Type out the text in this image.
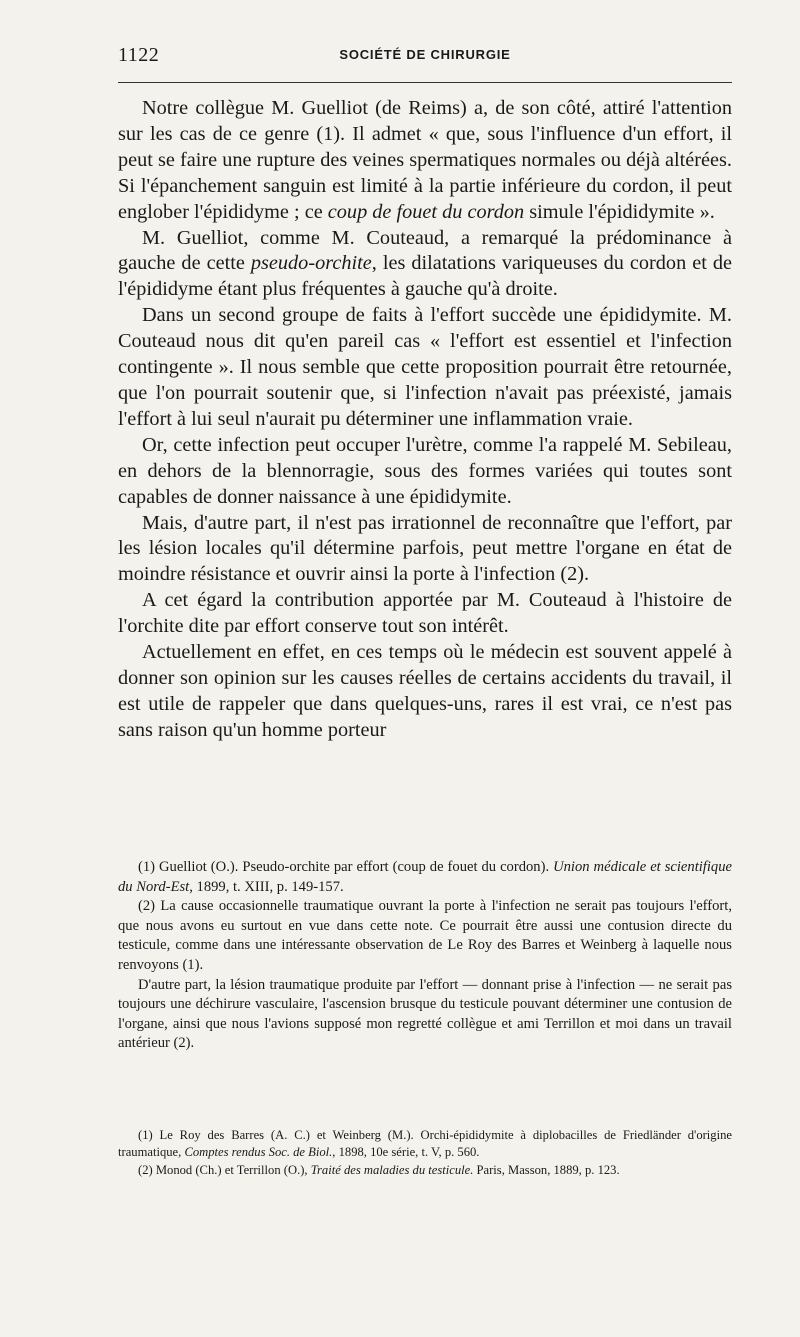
1122	SOCIÉTÉ DE CHIRURGIE

Notre collègue M. Guelliot (de Reims) a, de son côté, attiré l'attention sur les cas de ce genre (1). Il admet « que, sous l'influence d'un effort, il peut se faire une rupture des veines spermatiques normales ou déjà altérées. Si l'épanchement sanguin est limité à la partie inférieure du cordon, il peut englober l'épididyme ; ce coup de fouet du cordon simule l'épididymite ».

M. Guelliot, comme M. Couteaud, a remarqué la prédominance à gauche de cette pseudo-orchite, les dilatations variqueuses du cordon et de l'épididyme étant plus fréquentes à gauche qu'à droite.

Dans un second groupe de faits à l'effort succède une épididymite. M. Couteaud nous dit qu'en pareil cas « l'effort est essentiel et l'infection contingente ». Il nous semble que cette proposition pourrait être retournée, que l'on pourrait soutenir que, si l'infection n'avait pas préexisté, jamais l'effort à lui seul n'aurait pu déterminer une inflammation vraie.

Or, cette infection peut occuper l'urètre, comme l'a rappelé M. Sebileau, en dehors de la blennorragie, sous des formes variées qui toutes sont capables de donner naissance à une épididymite.

Mais, d'autre part, il n'est pas irrationnel de reconnaître que l'effort, par les lésion locales qu'il détermine parfois, peut mettre l'organe en état de moindre résistance et ouvrir ainsi la porte à l'infection (2).

A cet égard la contribution apportée par M. Couteaud à l'histoire de l'orchite dite par effort conserve tout son intérêt.

Actuellement en effet, en ces temps où le médecin est souvent appelé à donner son opinion sur les causes réelles de certains accidents du travail, il est utile de rappeler que dans quelques-uns, rares il est vrai, ce n'est pas sans raison qu'un homme porteur

(1) Guelliot (O.). Pseudo-orchite par effort (coup de fouet du cordon). Union médicale et scientifique du Nord-Est, 1899, t. XIII, p. 149-157.

(2) La cause occasionnelle traumatique ouvrant la porte à l'infection ne serait pas toujours l'effort, que nous avons eu surtout en vue dans cette note. Ce pourrait être aussi une contusion directe du testicule, comme dans une intéressante observation de Le Roy des Barres et Weinberg à laquelle nous renvoyons (1).

D'autre part, la lésion traumatique produite par l'effort — donnant prise à l'infection — ne serait pas toujours une déchirure vasculaire, l'ascension brusque du testicule pouvant déterminer une contusion de l'organe, ainsi que nous l'avions supposé mon regretté collègue et ami Terrillon et moi dans un travail antérieur (2).

(1) Le Roy des Barres (A. C.) et Weinberg (M.). Orchi-épididymite à diplobacilles de Friedländer d'origine traumatique, Comptes rendus Soc. de Biol., 1898, 10e série, t. V, p. 560.

(2) Monod (Ch.) et Terrillon (O.), Traité des maladies du testicule. Paris, Masson, 1889, p. 123.
